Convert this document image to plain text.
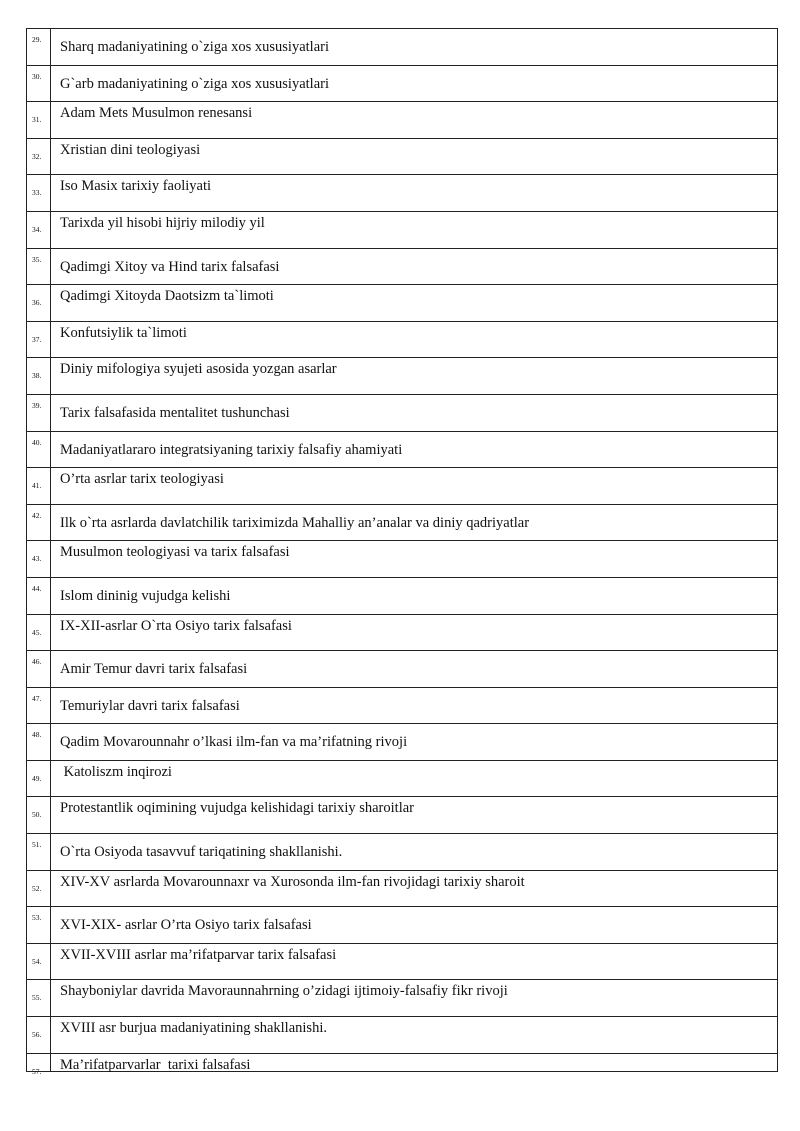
29. Sharq madaniyatining o`ziga xos xususiyatlari
30. G`arb madaniyatining o`ziga xos xususiyatlari
31. Adam Mets Musulmon renesansi
32. Xristian dini teologiyasi
33. Iso Masix tarixiy faoliyati
34. Tarixda yil hisobi hijriy milodiy yil
35. Qadimgi Xitoy va Hind tarix falsafasi
36. Qadimgi Xitoyda Daotsizm ta`limoti
37. Konfutsiylik ta`limoti
38. Diniy mifologiya syujeti asosida yozgan asarlar
39. Tarix falsafasida mentalitet tushunchasi
40. Madaniyatlararo integratsiyaning tarixiy falsafiy ahamiyati
41. O’rta asrlar tarix teologiyasi
42. Ilk o`rta asrlarda davlatchilik tariximizda Mahalliy an’analar va diniy qadriyatlar
43. Musulmon teologiyasi va tarix falsafasi
44. Islom dininig vujudga kelishi
45. IX-XII-asrlar O`rta Osiyo tarix falsafasi
46. Amir Temur davri tarix falsafasi
47. Temuriylar davri tarix falsafasi
48. Qadim Movarounnahr o’lkasi ilm-fan va ma’rifatning rivoji
49. Katoliszm inqirozi
50. Protestantlik oqimining vujudga kelishidagi tarixiy sharoitlar
51. O`rta Osiyoda tasavvuf tariqatining shakllanishi.
52. XIV-XV asrlarda Movarounnaxr va Xurosonda ilm-fan rivojidagi tarixiy sharoit
53. XVI-XIX- asrlar O’rta Osiyo tarix falsafasi
54. XVII-XVIII asrlar ma’rifatparvar tarix falsafasi
55. Shayboniylar davrida Mavoraunnahrning o’zidagi ijtimoiy-falsafiy fikr rivoji
56. XVIII asr burjua madaniyatining shakllanishi.
57. Ma’rifatparvarlar  tarixi falsafasi
